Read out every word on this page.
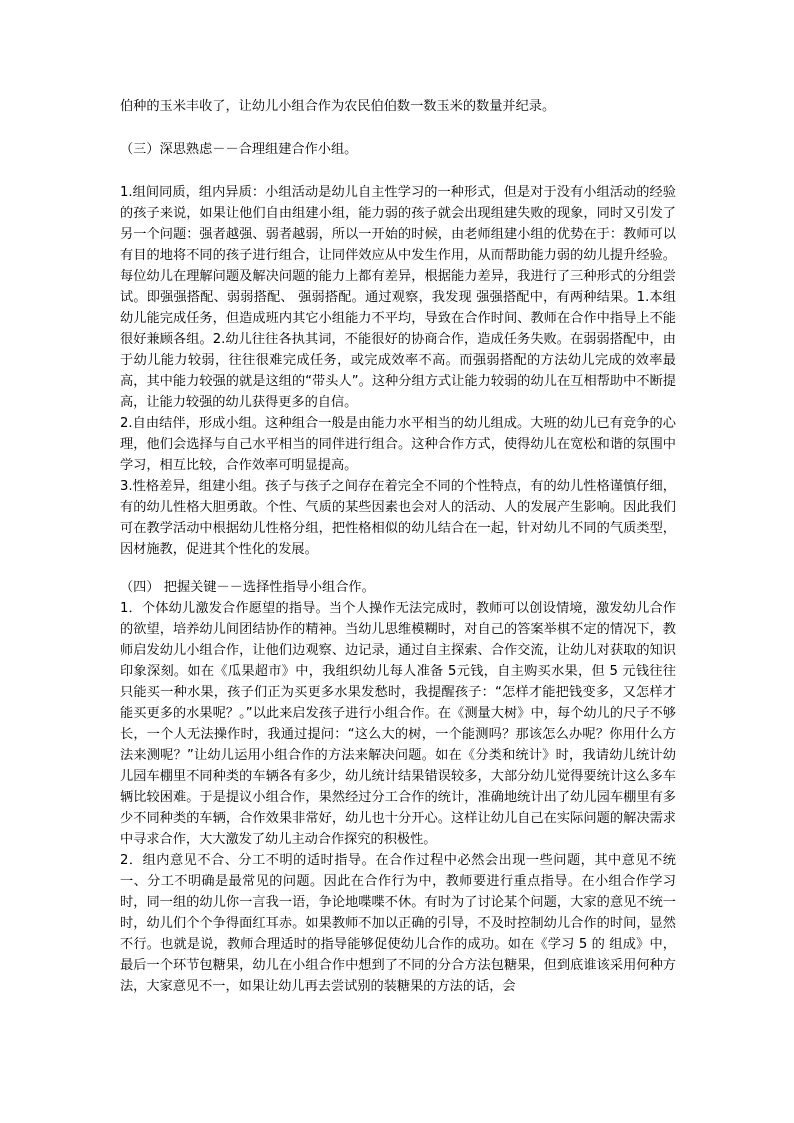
伯种的玉米丰收了，让幼儿小组合作为农民伯伯数一数玉米的数量并纪录。

（三）深思熟虑－－合理组建合作小组。

1.组间同质，组内异质：小组活动是幼儿自主性学习的一种形式，但是对于没有小组活动的经验的孩子来说，如果让他们自由组建小组，能力弱的孩子就会出现组建失败的现象，同时又引发了另一个问题：强者越强、弱者越弱，所以一开始的时候，由老师组建小组的优势在于：教师可以有目的地将不同的孩子进行组合，让同伴效应从中发生作用，从而帮助能力弱的幼儿提升经验。每位幼儿在理解问题及解决问题的能力上都有差异，根据能力差异，我进行了三种形式的分组尝试。即强强搭配、弱弱搭配、 强弱搭配。通过观察，我发现 强强搭配中，有两种结果。1.本组幼儿能完成任务，但造成班内其它小组能力不平均，导致在合作时间、教师在合作中指导上不能很好兼顾各组。2.幼儿往往各执其词，不能很好的协商合作，造成任务失败。在弱弱搭配中，由于幼儿能力较弱，往往很难完成任务，或完成效率不高。而强弱搭配的方法幼儿完成的效率最高，其中能力较强的就是这组的“带头人”。这种分组方式让能力较弱的幼儿在互相帮助中不断提高，让能力较强的幼儿获得更多的自信。

2.自由结伴，形成小组。这种组合一般是由能力水平相当的幼儿组成。大班的幼儿已有竞争的心理，他们会选择与自己水平相当的同伴进行组合。这种合作方式，使得幼儿在宽松和谐的氛围中学习，相互比较，合作效率可明显提高。

3.性格差异，组建小组。孩子与孩子之间存在着完全不同的个性特点，有的幼儿性格谨慎仔细，有的幼儿性格大胆勇敢。个性、气质的某些因素也会对人的活动、人的发展产生影响。因此我们可在教学活动中根据幼儿性格分组，把性格相似的幼儿结合在一起，针对幼儿不同的气质类型，因材施教，促进其个性化的发展。

（四） 把握关键－－选择性指导小组合作。

1．个体幼儿激发合作愿望的指导。当个人操作无法完成时，教师可以创设情境，激发幼儿合作的欲望，培养幼儿间团结协作的精神。当幼儿思维模糊时，对自己的答案举棋不定的情况下，教师启发幼儿小组合作，让他们边观察、边记录，通过自主探索、合作交流，让幼儿对获取的知识印象深刻。如在《瓜果超市》中，我组织幼儿每人准备 5元钱，自主购买水果，但 5 元钱往往只能买一种水果，孩子们正为买更多水果发愁时，我提醒孩子：“怎样才能把钱变多，又怎样才能买更多的水果呢？。”以此来启发孩子进行小组合作。在《测量大树》中，每个幼儿的尺子不够长，一个人无法操作时，我通过提问：“这么大的树，一个能测吗？那该怎么办呢？你用什么方法来测呢？”让幼儿运用小组合作的方法来解决问题。如在《分类和统计》时，我请幼儿统计幼儿园车棚里不同种类的车辆各有多少，幼儿统计结果错误较多，大部分幼儿觉得要统计这么多车辆比较困难。于是提议小组合作，果然经过分工合作的统计，准确地统计出了幼儿园车棚里有多少不同种类的车辆，合作效果非常好，幼儿也十分开心。这样让幼儿自己在实际问题的解决需求中寻求合作，大大激发了幼儿主动合作探究的积极性。

2．组内意见不合、分工不明的适时指导。在合作过程中必然会出现一些问题，其中意见不统一、分工不明确是最常见的问题。因此在合作行为中，教师要进行重点指导。在小组合作学习时，同一组的幼儿你一言我一语，争论地喋喋不休。有时为了讨论某个问题，大家的意见不统一时，幼儿们个个争得面红耳赤。如果教师不加以正确的引导，不及时控制幼儿合作的时间，显然不行。也就是说，教师合理适时的指导能够促使幼儿合作的成功。如在《学习 5 的 组成》中，最后一个环节包糖果，幼儿在小组合作中想到了不同的分合方法包糖果，但到底谁该采用何种方法，大家意见不一，如果让幼儿再去尝试别的装糖果的方法的话，会
